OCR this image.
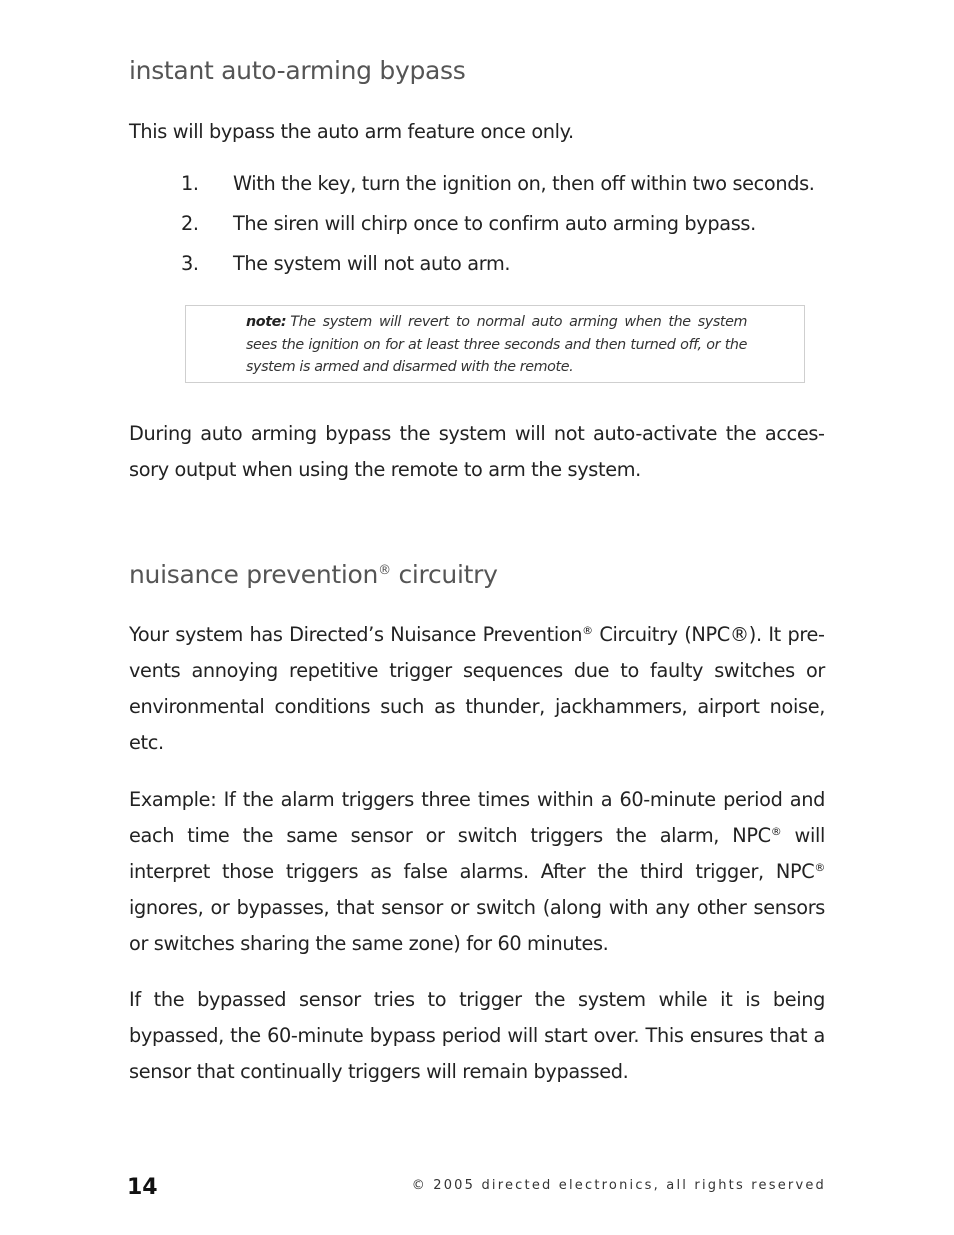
instant auto-arming bypass

This will bypass the auto arm feature once only.

1. With the key, turn the ignition on, then off within two seconds.
2. The siren will chirp once to confirm auto arming bypass.
3. The system will not auto arm.

note: The system will revert to normal auto arming when the system sees the ignition on for at least three seconds and then turned off, or the system is armed and disarmed with the remote.

During auto arming bypass the system will not auto-activate the accessory output when using the remote to arm the system.

nuisance prevention® circuitry

Your system has Directed’s Nuisance Prevention® Circuitry (NPC®). It prevents annoying repetitive trigger sequences due to faulty switches or environmental conditions such as thunder, jackhammers, airport noise, etc.

Example: If the alarm triggers three times within a 60-minute period and each time the same sensor or switch triggers the alarm, NPC® will interpret those triggers as false alarms. After the third trigger, NPC® ignores, or bypasses, that sensor or switch (along with any other sensors or switches sharing the same zone) for 60 minutes.

If the bypassed sensor tries to trigger the system while it is being bypassed, the 60-minute bypass period will start over. This ensures that a sensor that continually triggers will remain bypassed.

14	© 2005 directed electronics, all rights reserved
